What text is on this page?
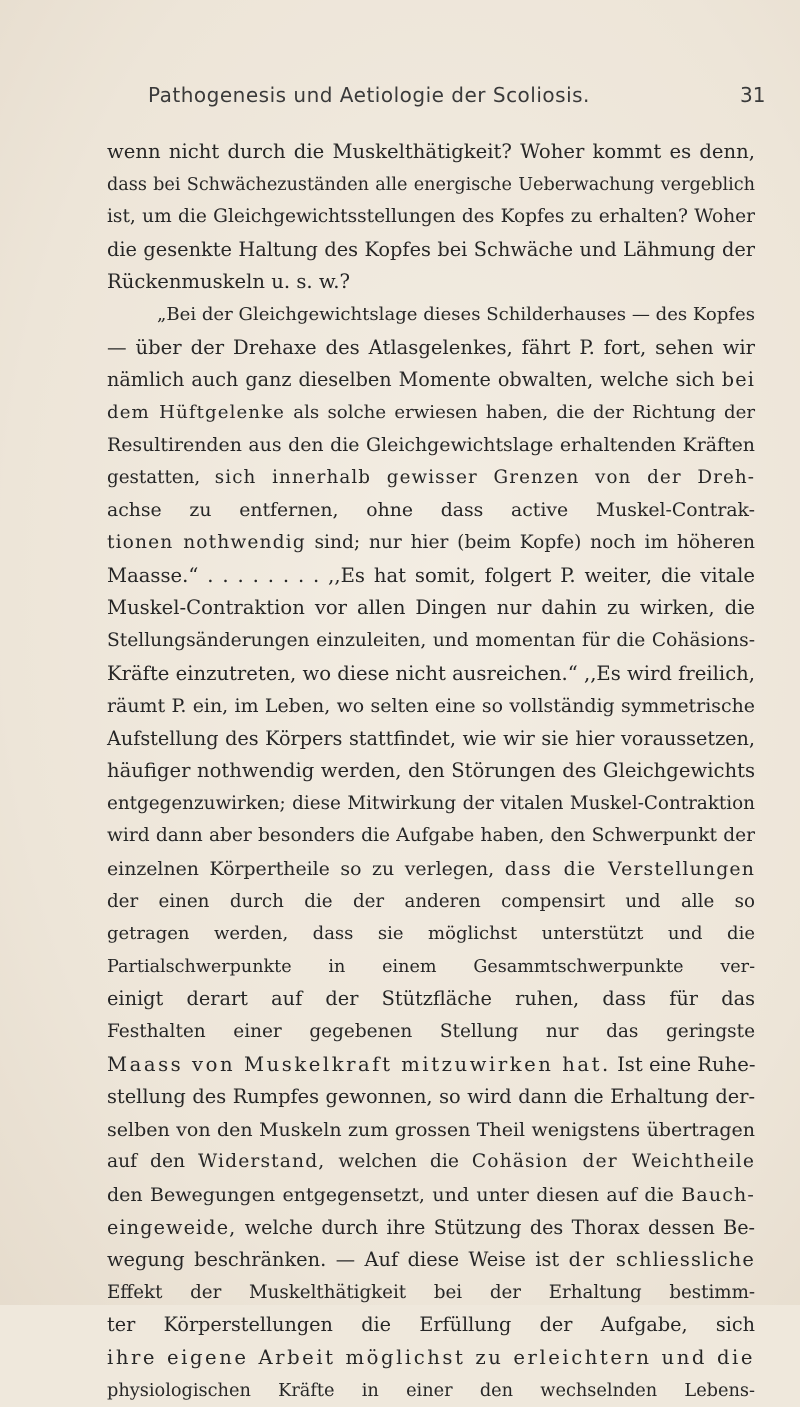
Pathogenesis und Aetiologie der Scoliosis.	31
wenn nicht durch die Muskelthätigkeit? Woher kommt es denn,
dass bei Schwächezuständen alle energische Ueberwachung vergeblich
ist, um die Gleichgewichtsstellungen des Kopfes zu erhalten? Woher
die gesenkte Haltung des Kopfes bei Schwäche und Lähmung der
Rückenmuskeln u. s. w.?
„Bei der Gleichgewichtslage dieses Schilderhauses — des Kopfes
— über der Drehaxe des Atlasgelenkes, fährt P. fort, sehen wir
nämlich auch ganz dieselben Momente obwalten, welche sich bei
dem Hüftgelenke als solche erwiesen haben, die der Richtung der
Resultirenden aus den die Gleichgewichtslage erhaltenden Kräften
gestatten, sich innerhalb gewisser Grenzen von der Dreh-
achse zu entfernen, ohne dass active Muskel-Contrak-
tionen nothwendig sind; nur hier (beim Kopfe) noch im höheren
Maasse.“ . . . . . . . . ,,Es hat somit, folgert P. weiter, die vitale
Muskel-Contraktion vor allen Dingen nur dahin zu wirken, die
Stellungsänderungen einzuleiten, und momentan für die Cohäsions-
Kräfte einzutreten, wo diese nicht ausreichen.“ ,,Es wird freilich,
räumt P. ein, im Leben, wo selten eine so vollständig symmetrische
Aufstellung des Körpers stattfindet, wie wir sie hier voraussetzen,
häufiger nothwendig werden, den Störungen des Gleichgewichts
entgegenzuwirken; diese Mitwirkung der vitalen Muskel-Contraktion
wird dann aber besonders die Aufgabe haben, den Schwerpunkt der
einzelnen Körpertheile so zu verlegen, dass die Verstellungen
der einen durch die der anderen compensirt und alle so
getragen werden, dass sie möglichst unterstützt und die
Partialschwerpunkte in einem Gesammtschwerpunkte ver-
einigt derart auf der Stützfläche ruhen, dass für das
Festhalten einer gegebenen Stellung nur das geringste
Maass von Muskelkraft mitzuwirken hat. Ist eine Ruhe-
stellung des Rumpfes gewonnen, so wird dann die Erhaltung der-
selben von den Muskeln zum grossen Theil wenigstens übertragen
auf den Widerstand, welchen die Cohäsion der Weichtheile
den Bewegungen entgegensetzt, und unter diesen auf die Bauch-
eingeweide, welche durch ihre Stützung des Thorax dessen Be-
wegung beschränken. — Auf diese Weise ist der schliessliche
Effekt der Muskelthätigkeit bei der Erhaltung bestimm-
ter Körperstellungen die Erfüllung der Aufgabe, sich
ihre eigene Arbeit möglichst zu erleichtern und die
physiologischen Kräfte in einer den wechselnden Lebens-
